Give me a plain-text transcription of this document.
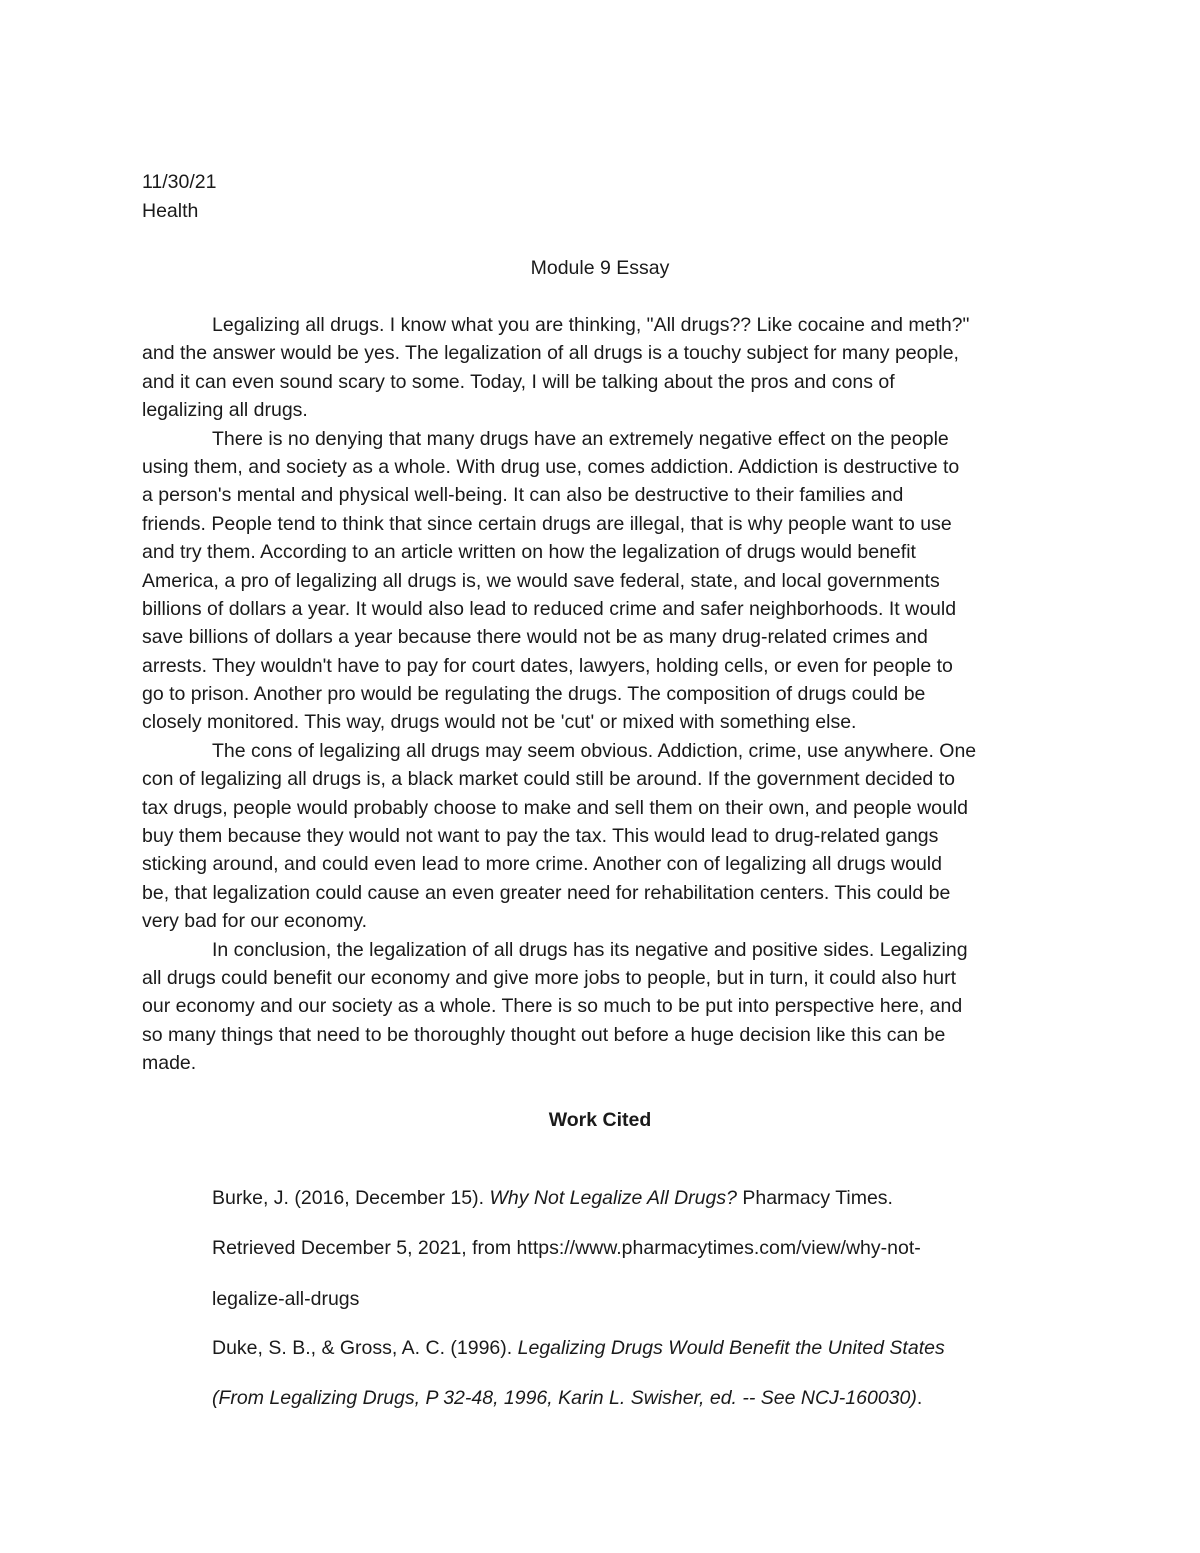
11/30/21
Health
Module 9 Essay
Legalizing all drugs. I know what you are thinking, "All drugs?? Like cocaine and meth?"
and the answer would be yes. The legalization of all drugs is a touchy subject for many people,
and it can even sound scary to some. Today, I will be talking about the pros and cons of
legalizing all drugs.
There is no denying that many drugs have an extremely negative effect on the people
using them, and society as a whole. With drug use, comes addiction. Addiction is destructive to
a person's mental and physical well-being. It can also be destructive to their families and
friends. People tend to think that since certain drugs are illegal, that is why people want to use
and try them. According to an article written on how the legalization of drugs would benefit
America, a pro of legalizing all drugs is, we would save federal, state, and local governments
billions of dollars a year. It would also lead to reduced crime and safer neighborhoods. It would
save billions of dollars a year because there would not be as many drug-related crimes and
arrests. They wouldn't have to pay for court dates, lawyers, holding cells, or even for people to
go to prison. Another pro would be regulating the drugs. The composition of drugs could be
closely monitored. This way, drugs would not be 'cut' or mixed with something else.
The cons of legalizing all drugs may seem obvious. Addiction, crime, use anywhere. One
con of legalizing all drugs is, a black market could still be around. If the government decided to
tax drugs, people would probably choose to make and sell them on their own, and people would
buy them because they would not want to pay the tax. This would lead to drug-related gangs
sticking around, and could even lead to more crime. Another con of legalizing all drugs would
be, that legalization could cause an even greater need for rehabilitation centers. This could be
very bad for our economy.
In conclusion, the legalization of all drugs has its negative and positive sides. Legalizing
all drugs could benefit our economy and give more jobs to people, but in turn, it could also hurt
our economy and our society as a whole. There is so much to be put into perspective here, and
so many things that need to be thoroughly thought out before a huge decision like this can be
made.
Work Cited
Burke, J. (2016, December 15). Why Not Legalize All Drugs? Pharmacy Times.
Retrieved December 5, 2021, from https://www.pharmacytimes.com/view/why-not-
legalize-all-drugs
Duke, S. B., & Gross, A. C. (1996). Legalizing Drugs Would Benefit the United States
(From Legalizing Drugs, P 32-48, 1996, Karin L. Swisher, ed. -- See NCJ-160030).
